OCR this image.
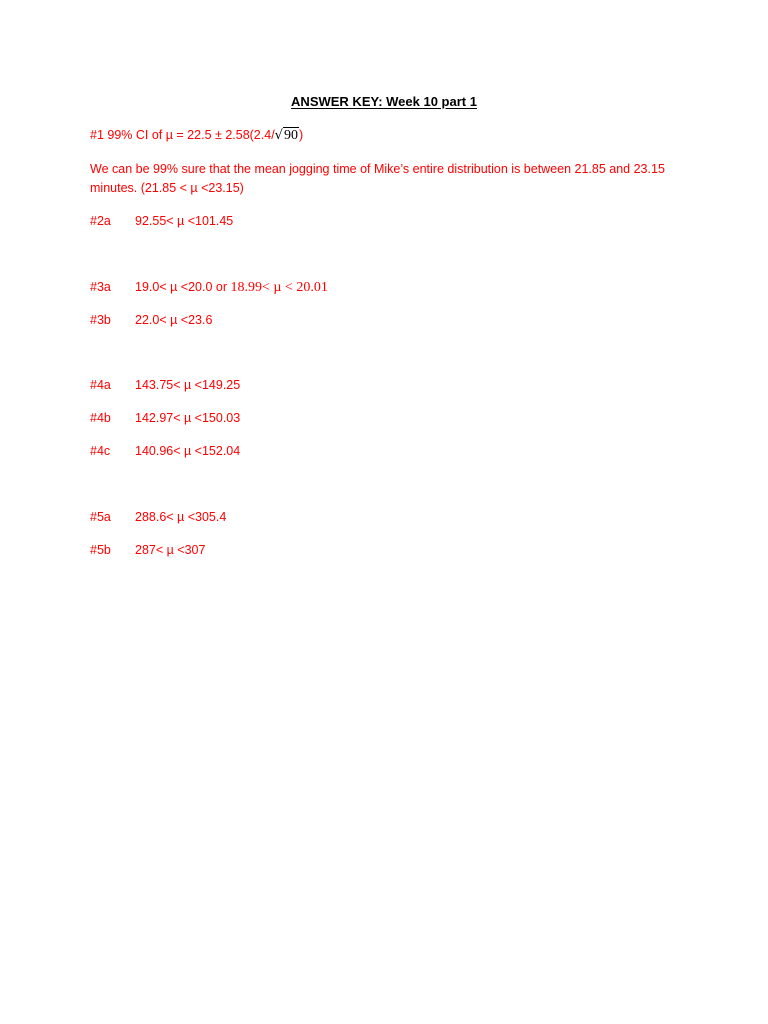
ANSWER KEY: Week 10 part 1
#1 99% CI of µ = 22.5 ± 2.58(2.4/√90)
We can be 99% sure that the mean jogging time of Mike’s entire distribution is between 21.85 and 23.15 minutes. (21.85 < µ <23.15)
#2a 92.55< µ <101.45
#3a 19.0< µ <20.0 or 18.99< µ < 20.01
#3b 22.0< µ <23.6
#4a 143.75< µ <149.25
#4b 142.97< µ <150.03
#4c 140.96< µ <152.04
#5a 288.6< µ <305.4
#5b 287< µ <307
